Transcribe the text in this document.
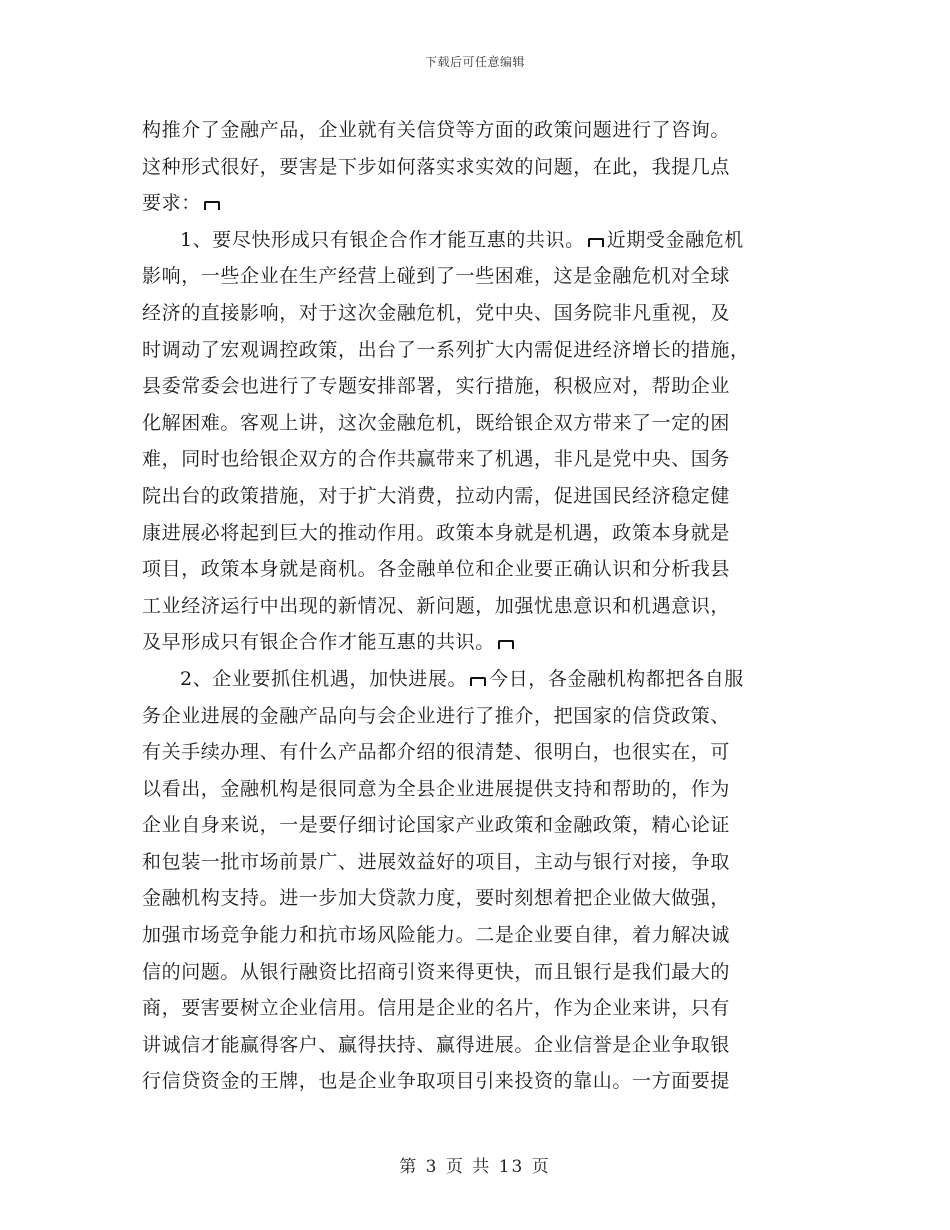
下载后可任意编辑
构推介了金融产品，企业就有关信贷等方面的政策问题进行了咨询。
这种形式很好，要害是下步如何落实求实效的问题，在此，我提几点
要求：
1、要尽快形成只有银企合作才能互惠的共识。 近期受金融危机
影响，一些企业在生产经营上碰到了一些困难，这是金融危机对全球
经济的直接影响，对于这次金融危机，党中央、国务院非凡重视，及
时调动了宏观调控政策，出台了一系列扩大内需促进经济增长的措施，
县委常委会也进行了专题安排部署，实行措施，积极应对，帮助企业
化解困难。客观上讲，这次金融危机，既给银企双方带来了一定的困
难，同时也给银企双方的合作共赢带来了机遇，非凡是党中央、国务
院出台的政策措施，对于扩大消费，拉动内需，促进国民经济稳定健
康进展必将起到巨大的推动作用。政策本身就是机遇，政策本身就是
项目，政策本身就是商机。各金融单位和企业要正确认识和分析我县
工业经济运行中出现的新情况、新问题，加强忧患意识和机遇意识，
及早形成只有银企合作才能互惠的共识。
2、企业要抓住机遇，加快进展。 今日，各金融机构都把各自服
务企业进展的金融产品向与会企业进行了推介，把国家的信贷政策、
有关手续办理、有什么产品都介绍的很清楚、很明白，也很实在，可
以看出，金融机构是很同意为全县企业进展提供支持和帮助的，作为
企业自身来说，一是要仔细讨论国家产业政策和金融政策，精心论证
和包装一批市场前景广、进展效益好的项目，主动与银行对接，争取
金融机构支持。进一步加大贷款力度，要时刻想着把企业做大做强，
加强市场竞争能力和抗市场风险能力。二是企业要自律，着力解决诚
信的问题。从银行融资比招商引资来得更快，而且银行是我们最大的
商，要害要树立企业信用。信用是企业的名片，作为企业来讲，只有
讲诚信才能赢得客户、赢得扶持、赢得进展。企业信誉是企业争取银
行信贷资金的王牌，也是企业争取项目引来投资的靠山。一方面要提
第 3 页 共 13 页
